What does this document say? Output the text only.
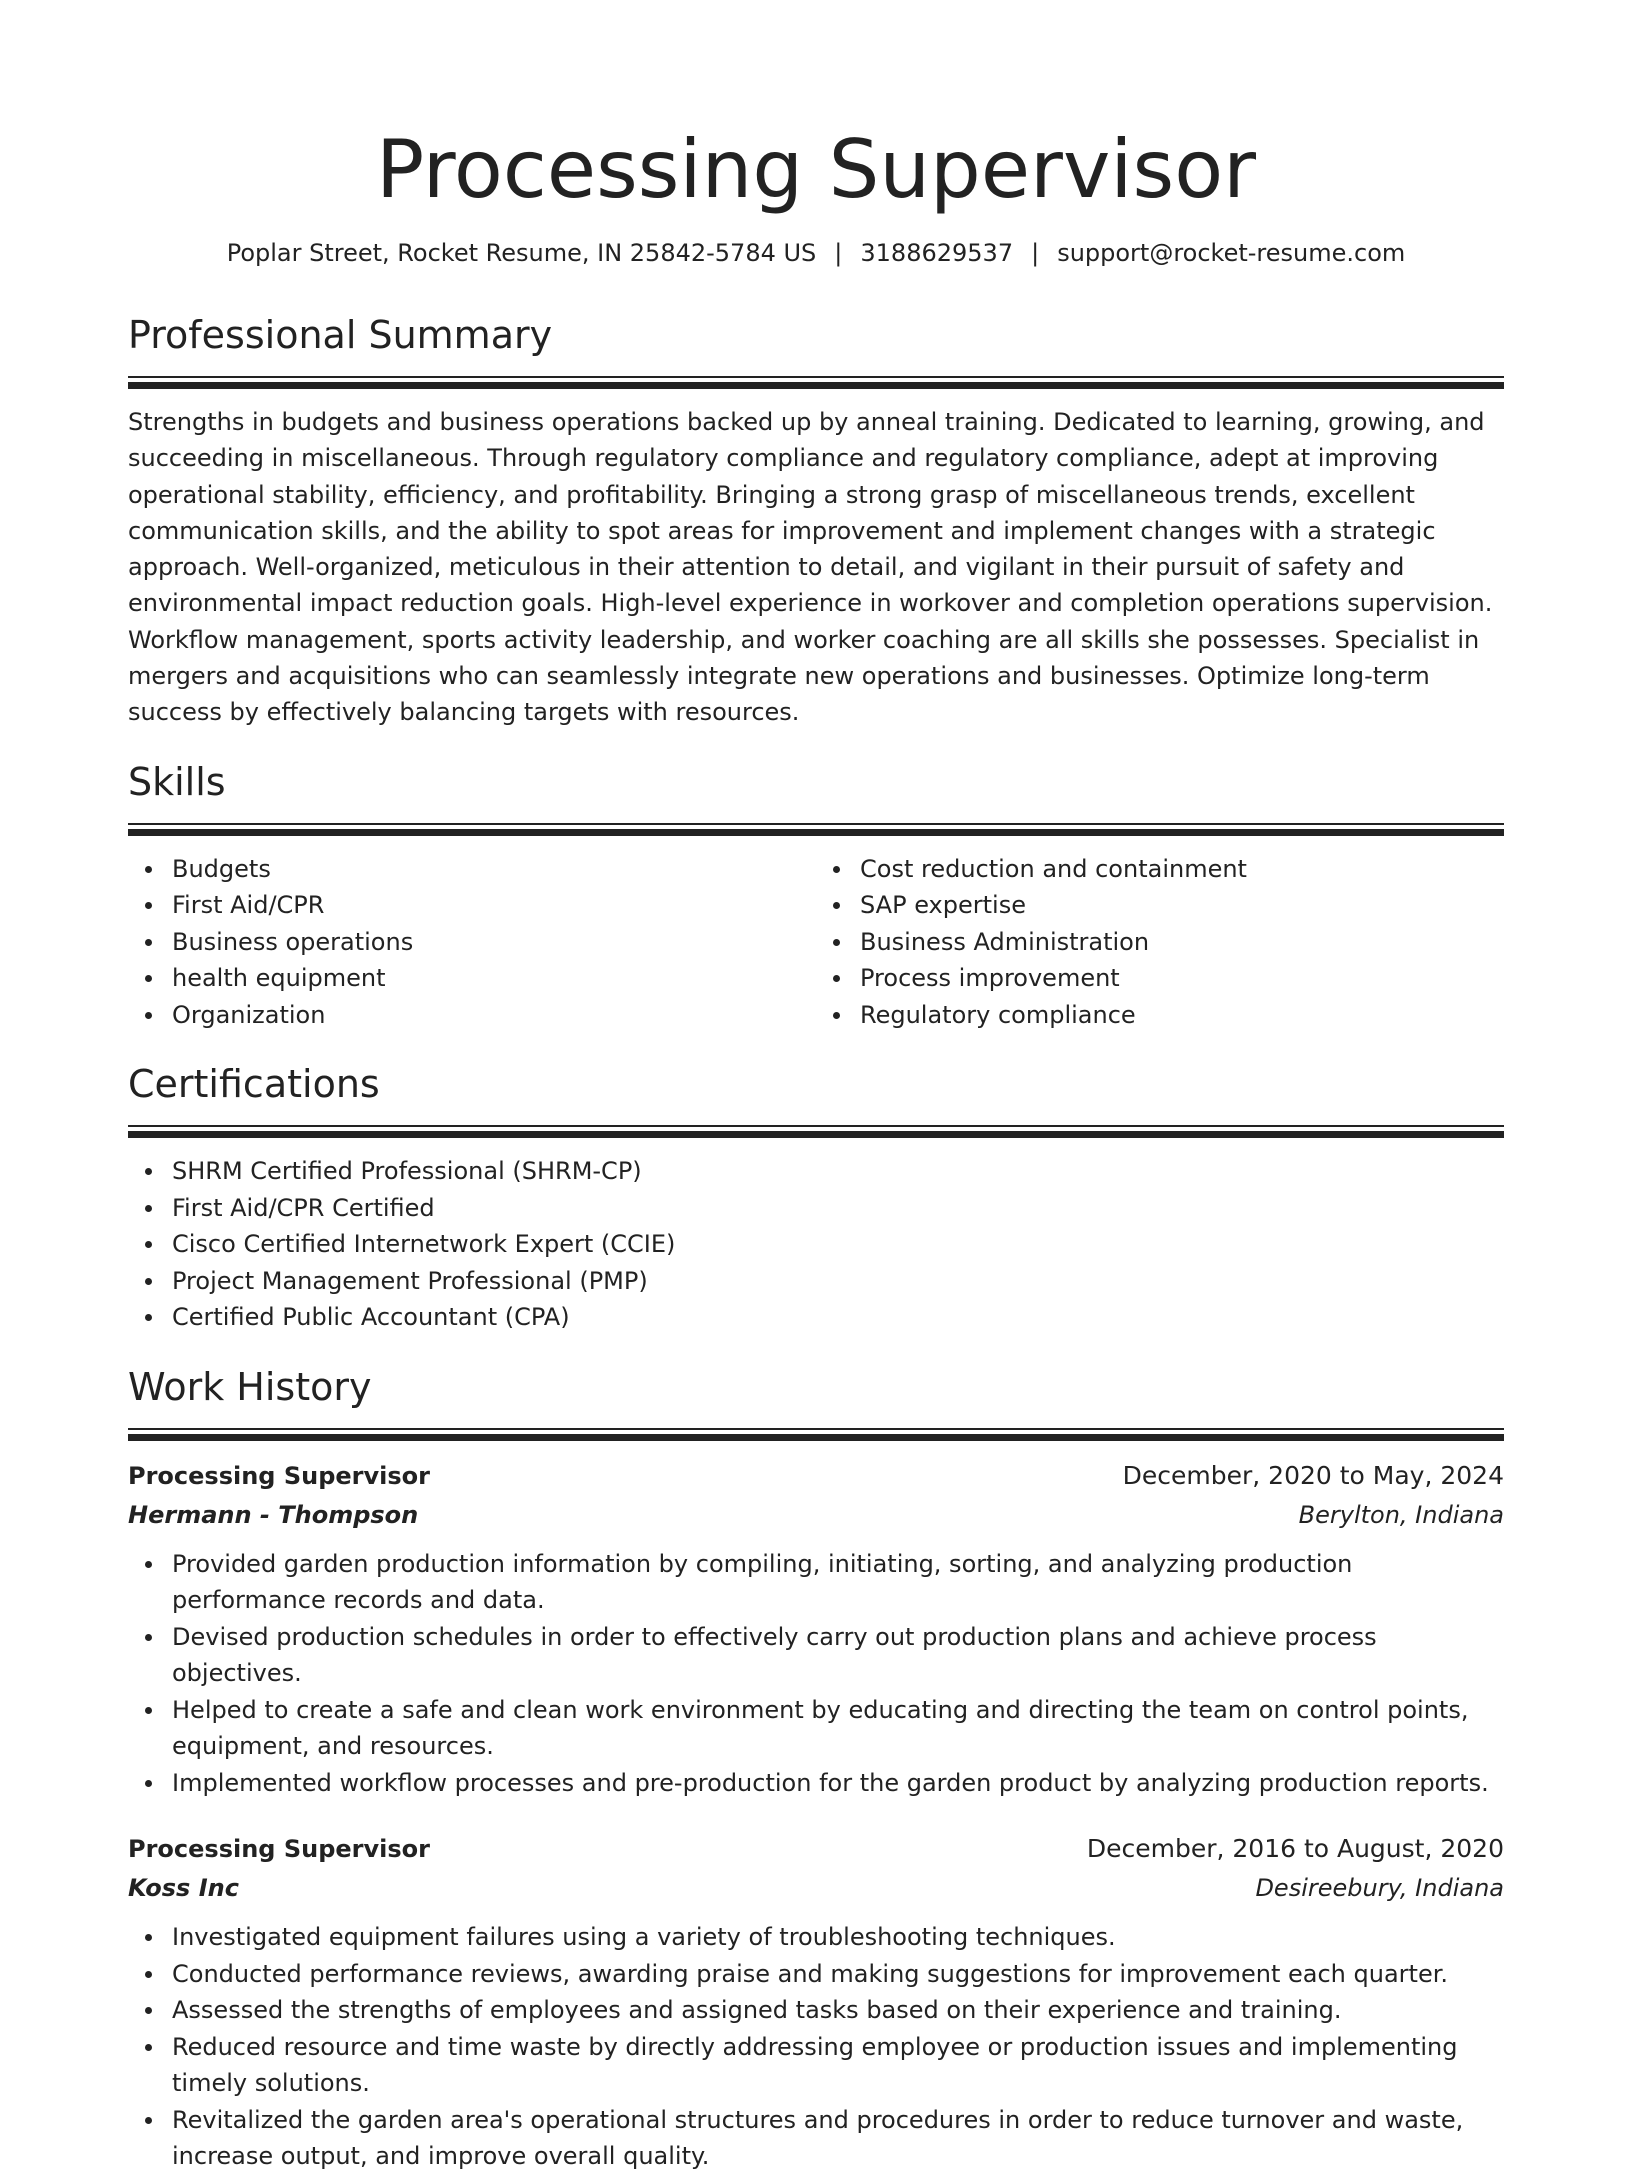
Processing Supervisor
Poplar Street, Rocket Resume, IN 25842-5784 US | 3188629537 | support@rocket-resume.com
Professional Summary

Strengths in budgets and business operations backed up by anneal training. Dedicated to learning, growing, and succeeding in miscellaneous. Through regulatory compliance and regulatory compliance, adept at improving operational stability, efficiency, and profitability. Bringing a strong grasp of miscellaneous trends, excellent communication skills, and the ability to spot areas for improvement and implement changes with a strategic approach. Well-organized, meticulous in their attention to detail, and vigilant in their pursuit of safety and environmental impact reduction goals. High-level experience in workover and completion operations supervision. Workflow management, sports activity leadership, and worker coaching are all skills she possesses. Specialist in mergers and acquisitions who can seamlessly integrate new operations and businesses. Optimize long-term success by effectively balancing targets with resources.

Skills
Budgets
First Aid/CPR
Business operations
health equipment
Organization
Cost reduction and containment
SAP expertise
Business Administration
Process improvement
Regulatory compliance
Certifications
SHRM Certified Professional (SHRM-CP)
First Aid/CPR Certified
Cisco Certified Internetwork Expert (CCIE)
Project Management Professional (PMP)
Certified Public Accountant (CPA)
Work History
Processing Supervisor	December, 2020 to May, 2024
Hermann - Thompson	Berylton, Indiana
Provided garden production information by compiling, initiating, sorting, and analyzing production performance records and data.
Devised production schedules in order to effectively carry out production plans and achieve process objectives.
Helped to create a safe and clean work environment by educating and directing the team on control points, equipment, and resources.
Implemented workflow processes and pre-production for the garden product by analyzing production reports.
Processing Supervisor	December, 2016 to August, 2020
Koss Inc	Desireebury, Indiana
Investigated equipment failures using a variety of troubleshooting techniques.
Conducted performance reviews, awarding praise and making suggestions for improvement each quarter.
Assessed the strengths of employees and assigned tasks based on their experience and training.
Reduced resource and time waste by directly addressing employee or production issues and implementing timely solutions.
Revitalized the garden area's operational structures and procedures in order to reduce turnover and waste, increase output, and improve overall quality.
